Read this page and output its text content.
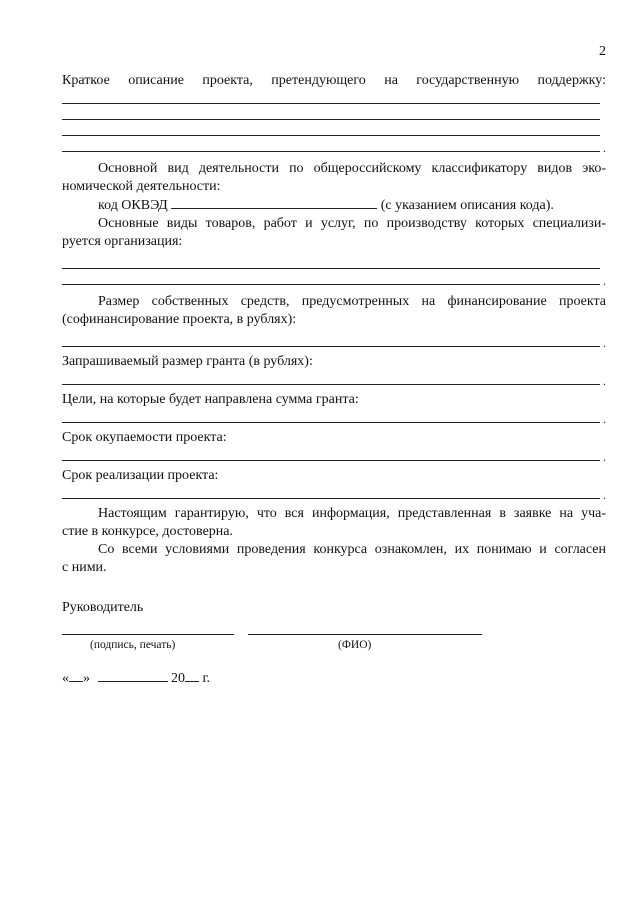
2
Краткое описание проекта, претендующего на государственную поддержку:
.
Основной вид деятельности по общероссийскому классификатору видов эко-
номической деятельности:
код ОКВЭД	(с указанием описания кода).
Основные виды товаров, работ и услуг, по производству которых специализи-
руется организация:
.
Размер собственных средств, предусмотренных на финансирование проекта
(софинансирование проекта, в рублях):
.
Запрашиваемый размер гранта (в рублях):
.
Цели, на которые будет направлена сумма гранта:
.
Срок окупаемости проекта:
.
Срок реализации проекта:
.
Настоящим гарантирую, что вся информация, представленная в заявке на уча-
стие в конкурсе, достоверна.
Со всеми условиями проведения конкурса ознакомлен, их понимаю и согласен
с ними.
Руководитель
(подпись, печать)	(ФИО)
« »	20 г.
